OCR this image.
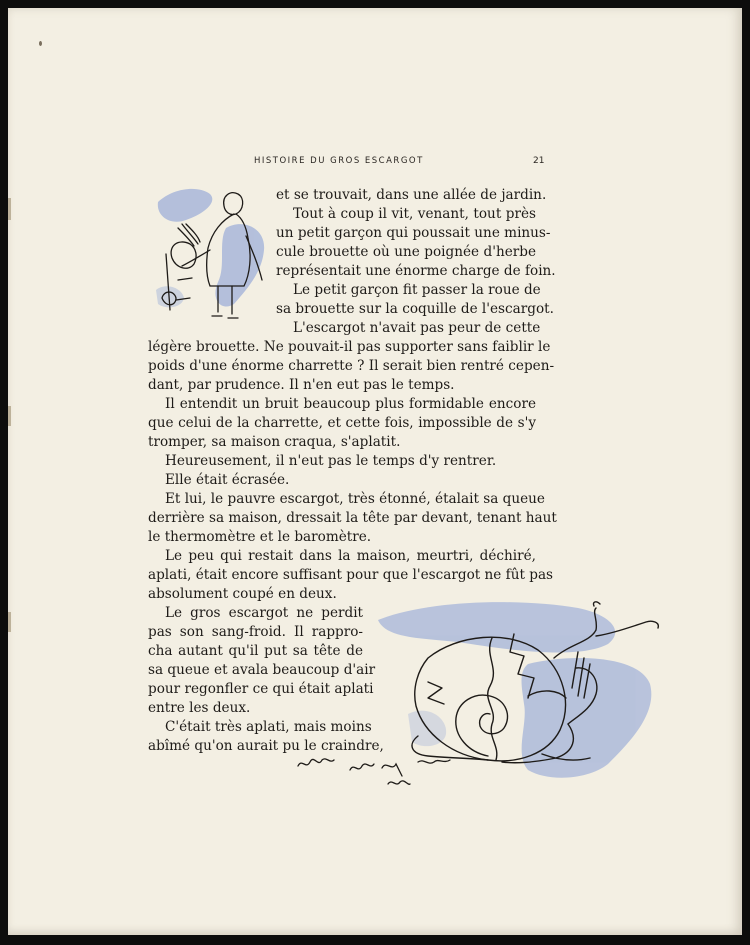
HISTOIRE DU GROS ESCARGOT	21
et se trouvait, dans une allée de jardin.
Tout à coup il vit, venant, tout près
un petit garçon qui poussait une minus-
cule brouette où une poignée d'herbe
représentait une énorme charge de foin.
Le petit garçon fit passer la roue de
sa brouette sur la coquille de l'escargot.
L'escargot n'avait pas peur de cette
légère brouette. Ne pouvait-il pas supporter sans faiblir le
poids d'une énorme charrette ? Il serait bien rentré cepen-
dant, par prudence. Il n'en eut pas le temps.
Il entendit un bruit beaucoup plus formidable encore
que celui de la charrette, et cette fois, impossible de s'y
tromper, sa maison craqua, s'aplatit.
Heureusement, il n'eut pas le temps d'y rentrer.
Elle était écrasée.
Et lui, le pauvre escargot, très étonné, étalait sa queue
derrière sa maison, dressait la tête par devant, tenant haut
le thermomètre et le baromètre.
Le peu qui restait dans la maison, meurtri, déchiré,
aplati, était encore suffisant pour que l'escargot ne fût pas
absolument coupé en deux.
Le gros escargot ne perdit
pas son sang-froid. Il rappro-
cha autant qu'il put sa tête de
sa queue et avala beaucoup d'air
pour regonfler ce qui était aplati
entre les deux.
C'était très aplati, mais moins
abîmé qu'on aurait pu le craindre,
